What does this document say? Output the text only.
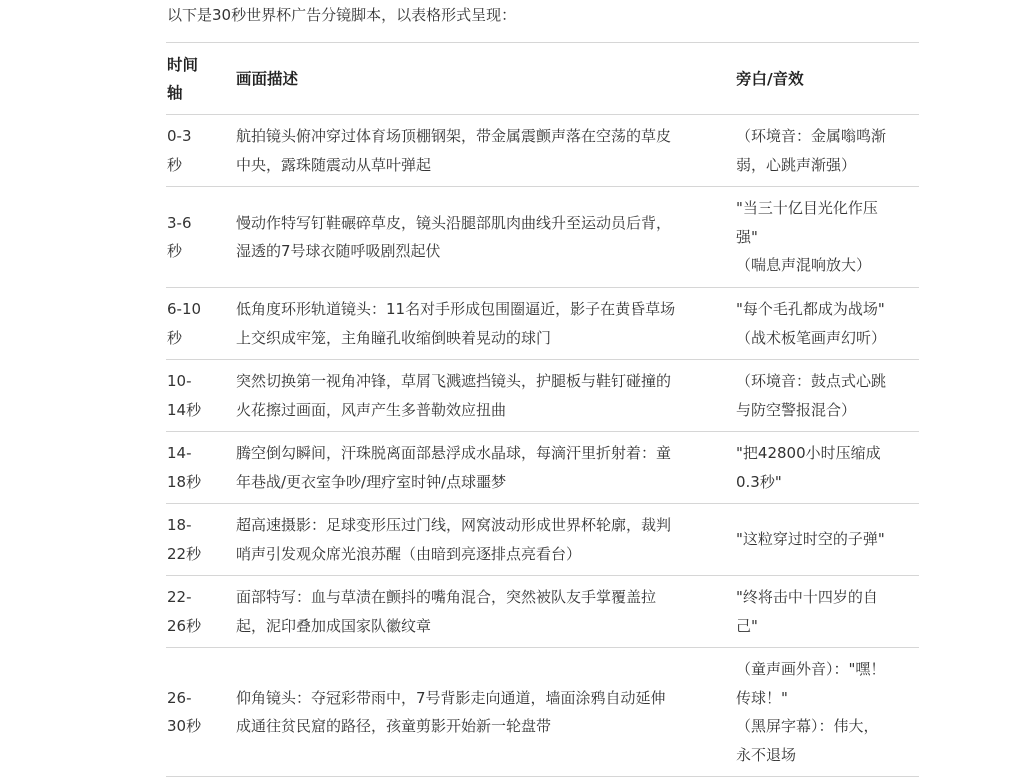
以下是30秒世界杯广告分镜脚本，以表格形式呈现：
时间
轴	画面描述	旁白/音效

0-3
秒	航拍镜头俯冲穿过体育场顶棚钢架，带金属震颤声落在空荡的草皮
中央，露珠随震动从草叶弹起	（环境音：金属嗡鸣渐
弱，心跳声渐强）

3-6
秒	慢动作特写钉鞋碾碎草皮，镜头沿腿部肌肉曲线升至运动员后背，
湿透的7号球衣随呼吸剧烈起伏	"当三十亿目光化作压
强"
（喘息声混响放大）

6-10
秒	低角度环形轨道镜头：11名对手形成包围圈逼近，影子在黄昏草场
上交织成牢笼，主角瞳孔收缩倒映着晃动的球门	"每个毛孔都成为战场"
（战术板笔画声幻听）

10-
14秒	突然切换第一视角冲锋，草屑飞溅遮挡镜头，护腿板与鞋钉碰撞的
火花擦过画面，风声产生多普勒效应扭曲	（环境音：鼓点式心跳
与防空警报混合）

14-
18秒	腾空倒勾瞬间，汗珠脱离面部悬浮成水晶球，每滴汗里折射着：童
年巷战/更衣室争吵/理疗室时钟/点球噩梦	"把42800小时压缩成
0.3秒"

18-
22秒	超高速摄影：足球变形压过门线，网窝波动形成世界杯轮廓，裁判
哨声引发观众席光浪苏醒（由暗到亮逐排点亮看台）	"这粒穿过时空的子弹"

22-
26秒	面部特写：血与草渍在颤抖的嘴角混合，突然被队友手掌覆盖拉
起，泥印叠加成国家队徽纹章	"终将击中十四岁的自
己"

26-
30秒	仰角镜头：夺冠彩带雨中，7号背影走向通道，墙面涂鸦自动延伸
成通往贫民窟的路径，孩童剪影开始新一轮盘带	（童声画外音）："嘿！
传球！"
（黑屏字幕）：伟大，
永不退场
